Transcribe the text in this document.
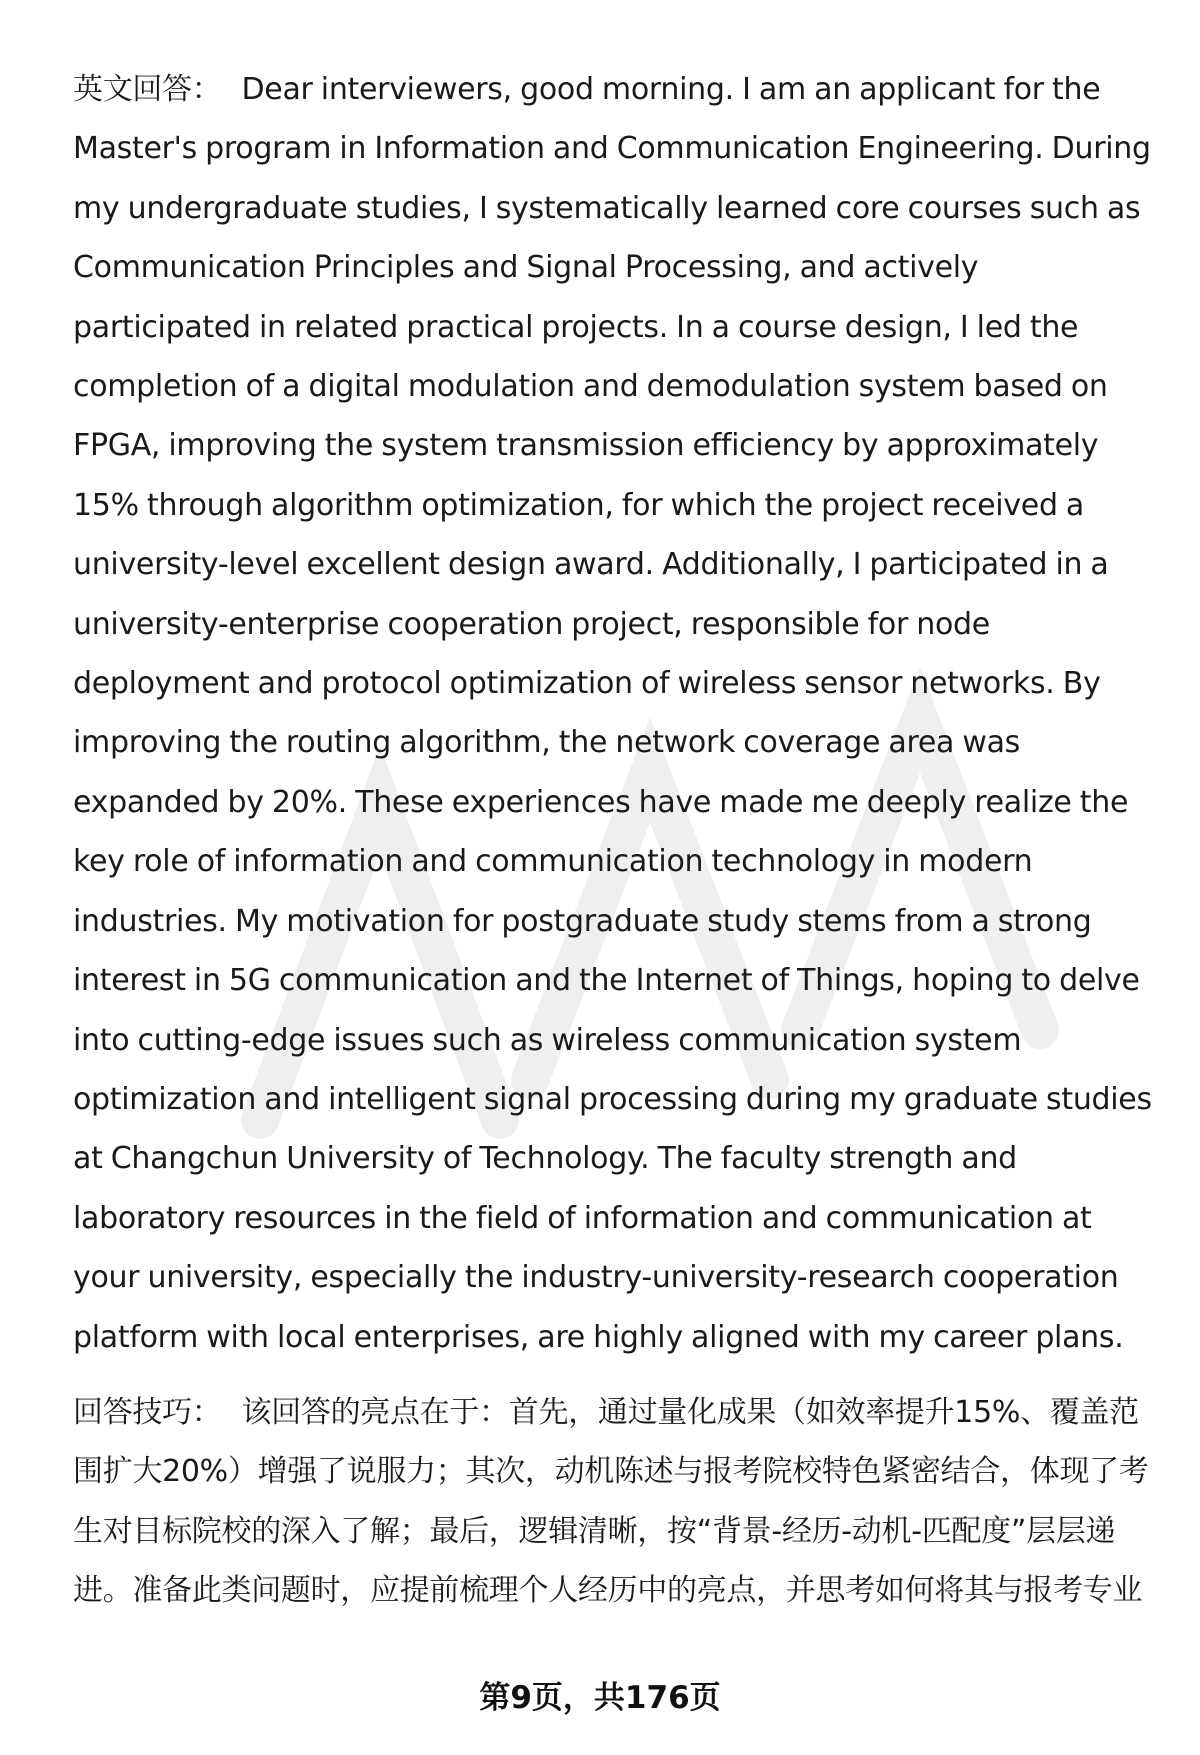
英文回答： Dear interviewers, good morning. I am an applicant for the Master's program in Information and Communication Engineering. During my undergraduate studies, I systematically learned core courses such as Communication Principles and Signal Processing, and actively participated in related practical projects. In a course design, I led the completion of a digital modulation and demodulation system based on FPGA, improving the system transmission efficiency by approximately 15% through algorithm optimization, for which the project received a university-level excellent design award. Additionally, I participated in a university-enterprise cooperation project, responsible for node deployment and protocol optimization of wireless sensor networks. By improving the routing algorithm, the network coverage area was expanded by 20%. These experiences have made me deeply realize the key role of information and communication technology in modern industries. My motivation for postgraduate study stems from a strong interest in 5G communication and the Internet of Things, hoping to delve into cutting-edge issues such as wireless communication system optimization and intelligent signal processing during my graduate studies at Changchun University of Technology. The faculty strength and laboratory resources in the field of information and communication at your university, especially the industry-university-research cooperation platform with local enterprises, are highly aligned with my career plans.

回答技巧： 该回答的亮点在于：首先，通过量化成果（如效率提升15%、覆盖范围扩大20%）增强了说服力；其次，动机陈述与报考院校特色紧密结合，体现了考生对目标院校的深入了解；最后，逻辑清晰，按“背景-经历-动机-匹配度”层层递进。准备此类问题时，应提前梳理个人经历中的亮点，并思考如何将其与报考专业

第9页，共176页
